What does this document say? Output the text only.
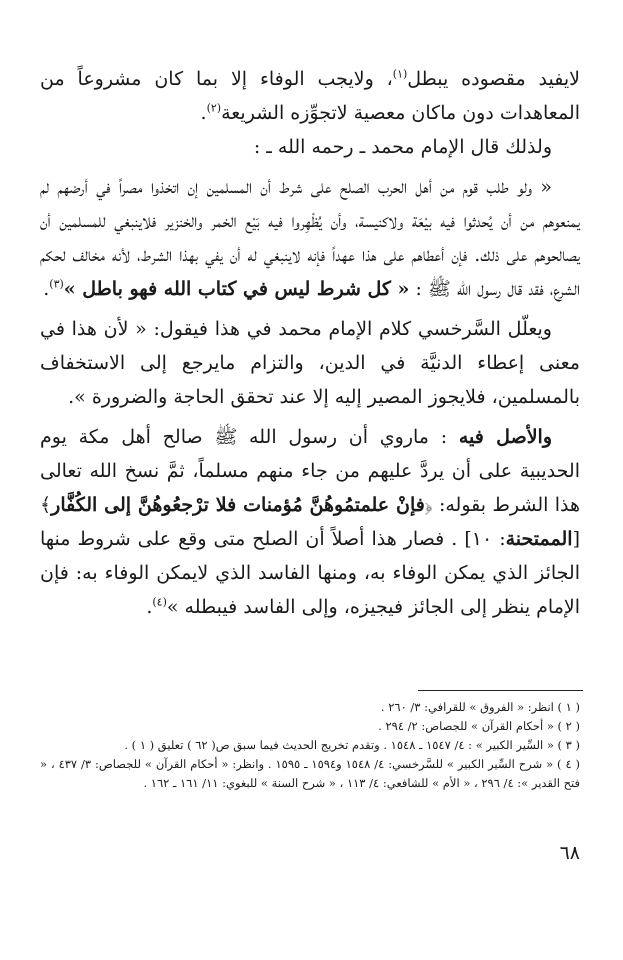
لايفيد مقصوده يبطل$^{(١)}$، ولايجب الوفاء إلا بما كان مشروعاً من المعاهدات دون ماكان معصية لاتجوِّزه الشريعة$^{(٢)}$.

ولذلك قال الإمام محمد ـ رحمه الله ـ :

« ولو طلب قوم من أهل الحرب الصلح على شرط أن المسلمين إن اتخذوا مصراً في أرضهم لم يمنعوهم من أن يُحدثوا فيه بيْعَة ولاكنيسة، وأن يُظْهِروا فيه بَيْع الخمر والخنزير فلاينبغي للمسلمين أن يصالحوهم على ذلك. فإن أعطاهم على هذا عهداً فإنه لاينبغي له أن يفي بهذا الشرط، لأنه مخالف لحكم الشرع، فقد قال رسول الله ﷺ : « كل شرط ليس في كتاب الله فهو باطل »$^{(٣)}$.

ويعلّل السَّرخسي كلام الإمام محمد في هذا فيقول: « لأن هذا في معنى إعطاء الدنيَّة في الدين، والتزام مايرجع إلى الاستخفاف بالمسلمين، فلايجوز المصير إليه إلا عند تحقق الحاجة والضرورة ».

والأصل فيه : ماروي أن رسول الله ﷺ صالح أهل مكة يوم الحديبية على أن يردَّ عليهم من جاء منهم مسلماً، ثمَّ نسخ الله تعالى هذا الشرط بقوله: ﴿فإنْ علمتمُوهُنَّ مُؤمنات فلا ترْجعُوهُنَّ إلى الكُفَّار﴾ [الممتحنة: ١٠] . فصار هذا أصلاً أن الصلح متى وقع على شروط منها الجائز الذي يمكن الوفاء به، ومنها الفاسد الذي لايمكن الوفاء به: فإن الإمام ينظر إلى الجائز فيجيزه، وإلى الفاسد فيبطله »$^{(٤)}$.

( ١ ) انظر: « الفروق » للقرافي: ٣/ ٢٦٠ .

( ٢ ) « أحكام القرآن » للجصاص: ٢/ ٢٩٤ .

( ٣ ) « السِّير الكبير » : ٤/ ١٥٤٧ ـ ١٥٤٨ . وتقدم تخريج الحديث فيما سبق ص( ٦٢ ) تعليق ( ١ ) .

( ٤ ) « شرح السِّير الكبير » للسَّرخسي: ٤/ ١٥٤٨ و١٥٩٤ ـ ١٥٩٥ . وانظر: « أحكام القرآن » للجصاص: ٣/ ٤٣٧ ، « فتح القدير »: ٤/ ٢٩٦ ، « الأم » للشافعي: ٤/ ١١٣ ، « شرح السنة » للبغوي: ١١/ ١٦١ ـ ١٦٢ .

٦٨
